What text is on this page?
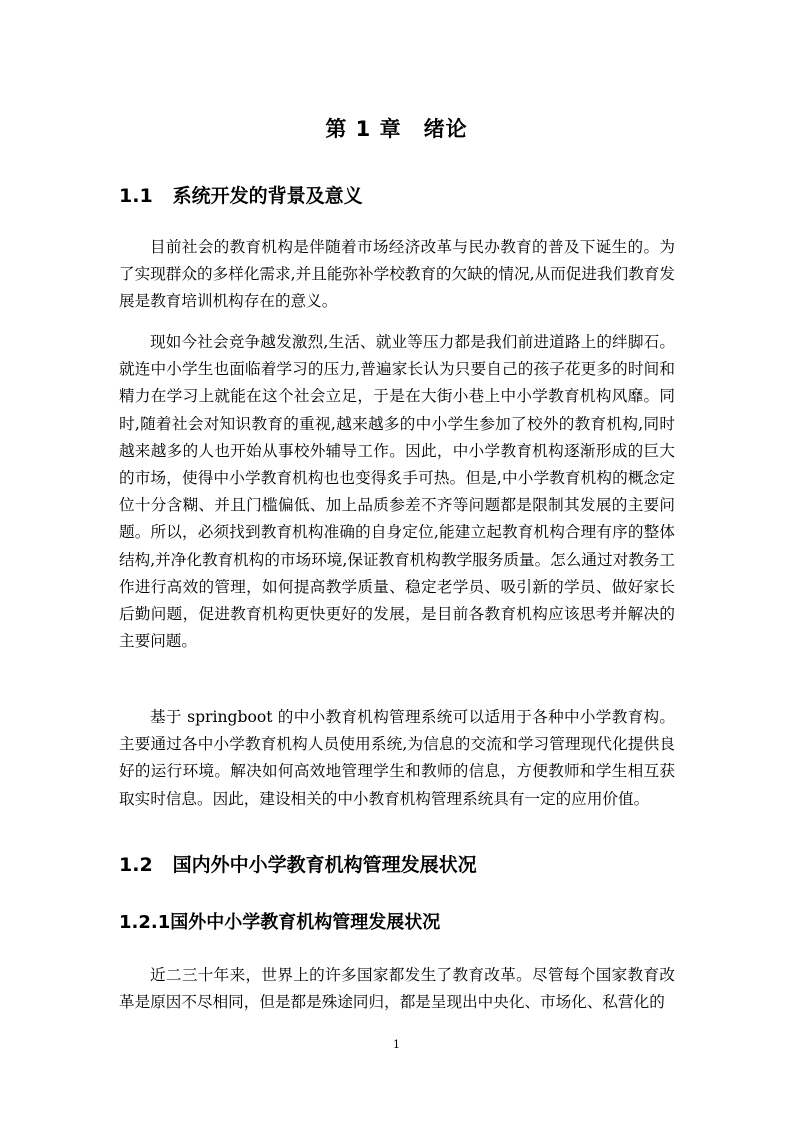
第 1 章 绪论
1.1 系统开发的背景及意义

目前社会的教育机构是伴随着市场经济改革与民办教育的普及下诞生的。为了实现群众的多样化需求,并且能弥补学校教育的欠缺的情况,从而促进我们教育发展是教育培训机构存在的意义。

现如今社会竞争越发激烈,生活、就业等压力都是我们前进道路上的绊脚石。就连中小学生也面临着学习的压力,普遍家长认为只要自己的孩子花更多的时间和精力在学习上就能在这个社会立足，于是在大街小巷上中小学教育机构风靡。同时,随着社会对知识教育的重视,越来越多的中小学生参加了校外的教育机构,同时越来越多的人也开始从事校外辅导工作。因此，中小学教育机构逐渐形成的巨大的市场，使得中小学教育机构也也变得炙手可热。但是,中小学教育机构的概念定位十分含糊、并且门槛偏低、加上品质参差不齐等问题都是限制其发展的主要问题。所以，必须找到教育机构准确的自身定位,能建立起教育机构合理有序的整体结构,并净化教育机构的市场环境,保证教育机构教学服务质量。怎么通过对教务工作进行高效的管理，如何提高教学质量、稳定老学员、吸引新的学员、做好家长后勤问题，促进教育机构更快更好的发展，是目前各教育机构应该思考并解决的主要问题。

基于 springboot 的中小教育机构管理系统可以适用于各种中小学教育构。主要通过各中小学教育机构人员使用系统,为信息的交流和学习管理现代化提供良好的运行环境。解决如何高效地管理学生和教师的信息，方便教师和学生相互获取实时信息。因此，建设相关的中小教育机构管理系统具有一定的应用价值。

1.2 国内外中小学教育机构管理发展状况
1.2.1国外中小学教育机构管理发展状况

近二三十年来，世界上的许多国家都发生了教育改革。尽管每个国家教育改革是原因不尽相同，但是都是殊途同归，都是呈现出中央化、市场化、私营化的

1
